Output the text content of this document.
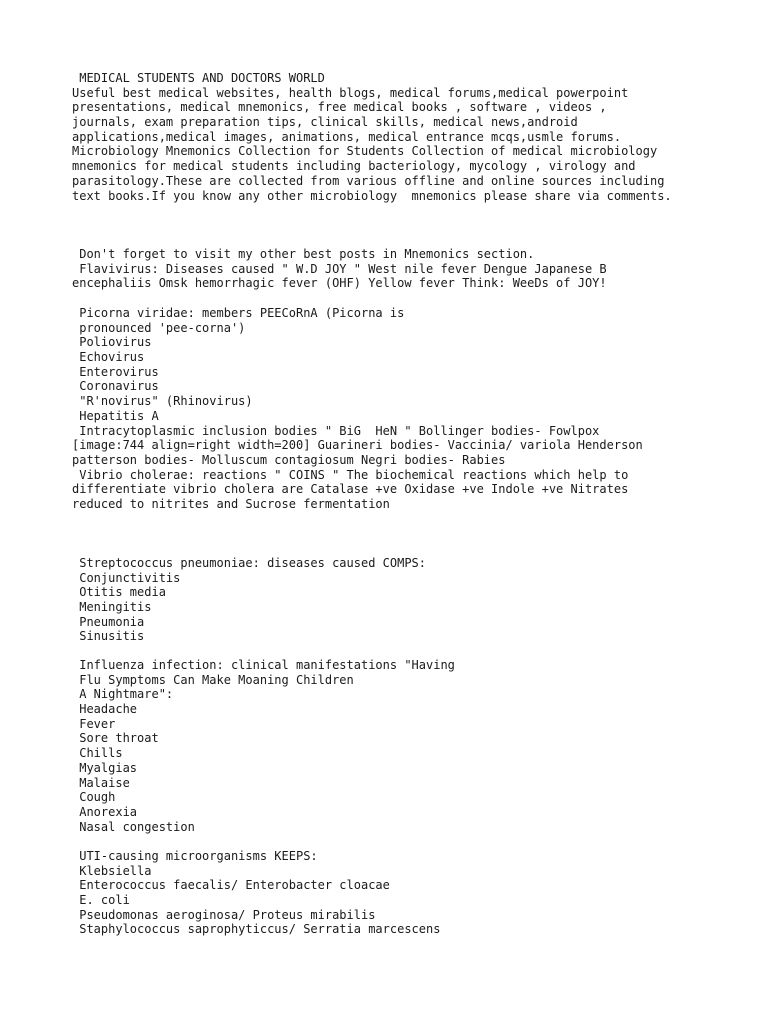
MEDICAL STUDENTS AND DOCTORS WORLD
Useful best medical websites, health blogs, medical forums,medical powerpoint
presentations, medical mnemonics, free medical books , software , videos ,
journals, exam preparation tips, clinical skills, medical news,android
applications,medical images, animations, medical entrance mcqs,usmle forums.
Microbiology Mnemonics Collection for Students Collection of medical microbiology
mnemonics for medical students including bacteriology, mycology , virology and
parasitology.These are collected from various offline and online sources including
text books.If you know any other microbiology  mnemonics please share via comments.
Don't forget to visit my other best posts in Mnemonics section.
Flavivirus: Diseases caused " W.D JOY " West nile fever Dengue Japanese B
encephaliis Omsk hemorrhagic fever (OHF) Yellow fever Think: WeeDs of JOY!
Picorna viridae: members PEECoRnA (Picorna is
pronounced 'pee-corna')
Poliovirus
Echovirus
Enterovirus
Coronavirus
"R'novirus" (Rhinovirus)
Hepatitis A
Intracytoplasmic inclusion bodies " BiG  HeN " Bollinger bodies- Fowlpox
[image:744 align=right width=200] Guarineri bodies- Vaccinia/ variola Henderson
patterson bodies- Molluscum contagiosum Negri bodies- Rabies
Vibrio cholerae: reactions " COINS " The biochemical reactions which help to
differentiate vibrio cholera are Catalase +ve Oxidase +ve Indole +ve Nitrates
reduced to nitrites and Sucrose fermentation
Streptococcus pneumoniae: diseases caused COMPS:
Conjunctivitis
Otitis media
Meningitis
Pneumonia
Sinusitis
Influenza infection: clinical manifestations "Having
Flu Symptoms Can Make Moaning Children
A Nightmare":
Headache
Fever
Sore throat
Chills
Myalgias
Malaise
Cough
Anorexia
Nasal congestion
UTI-causing microorganisms KEEPS:
Klebsiella
Enterococcus faecalis/ Enterobacter cloacae
E. coli
Pseudomonas aeroginosa/ Proteus mirabilis
Staphylococcus saprophyticcus/ Serratia marcescens
